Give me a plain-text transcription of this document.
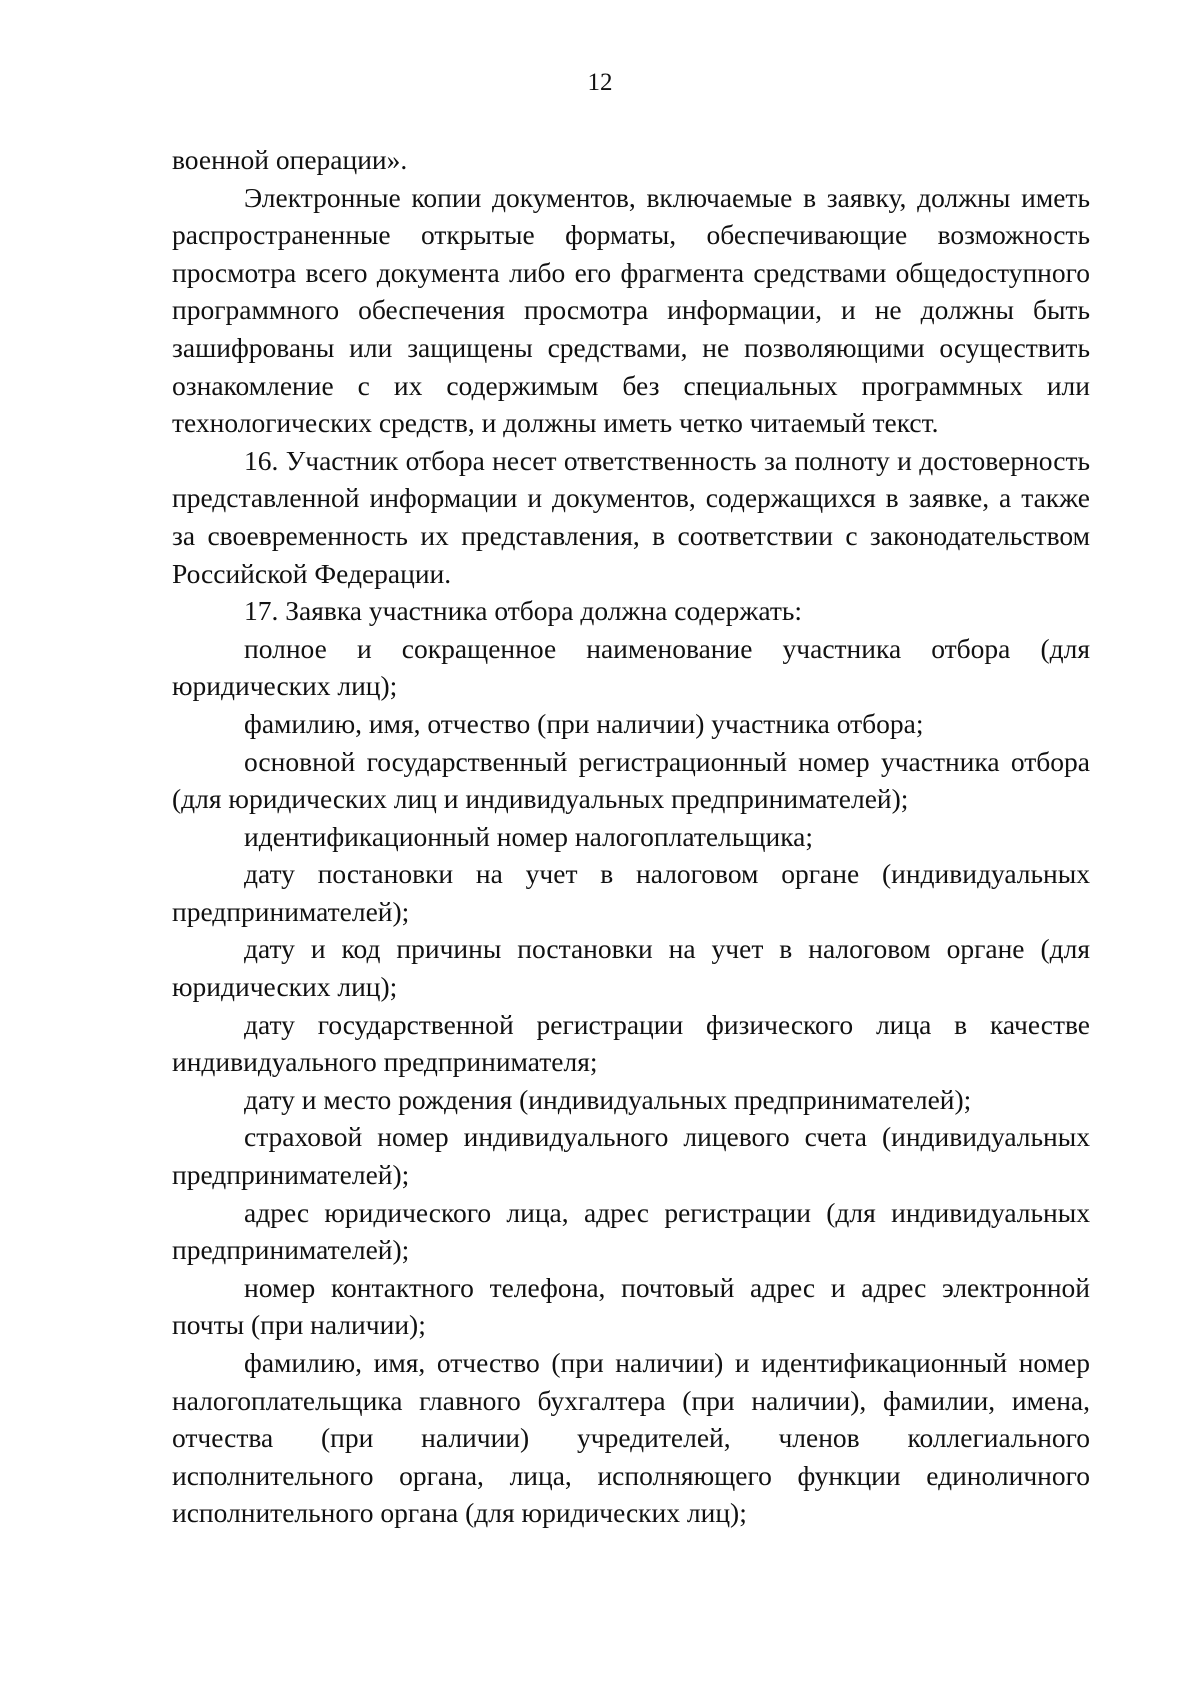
12

военной операции».

Электронные копии документов, включаемые в заявку, должны иметь распространенные открытые форматы, обеспечивающие возможность просмотра всего документа либо его фрагмента средствами общедоступного программного обеспечения просмотра информации, и не должны быть зашифрованы или защищены средствами, не позволяющими осуществить ознакомление с их содержимым без специальных программных или технологических средств, и должны иметь четко читаемый текст.

16. Участник отбора несет ответственность за полноту и достоверность представленной информации и документов, содержащихся в заявке, а также за своевременность их представления, в соответствии с законодательством Российской Федерации.

17. Заявка участника отбора должна содержать:

полное и сокращенное наименование участника отбора (для юридических лиц);

фамилию, имя, отчество (при наличии) участника отбора;

основной государственный регистрационный номер участника отбора (для юридических лиц и индивидуальных предпринимателей);

идентификационный номер налогоплательщика;

дату постановки на учет в налоговом органе (индивидуальных предпринимателей);

дату и код причины постановки на учет в налоговом органе (для юридических лиц);

дату государственной регистрации физического лица в качестве индивидуального предпринимателя;

дату и место рождения (индивидуальных предпринимателей);

страховой номер индивидуального лицевого счета (индивидуальных предпринимателей);

адрес юридического лица, адрес регистрации (для индивидуальных предпринимателей);

номер контактного телефона, почтовый адрес и адрес электронной почты (при наличии);

фамилию, имя, отчество (при наличии) и идентификационный номер налогоплательщика главного бухгалтера (при наличии), фамилии, имена, отчества (при наличии) учредителей, членов коллегиального исполнительного органа, лица, исполняющего функции единоличного исполнительного органа (для юридических лиц);
